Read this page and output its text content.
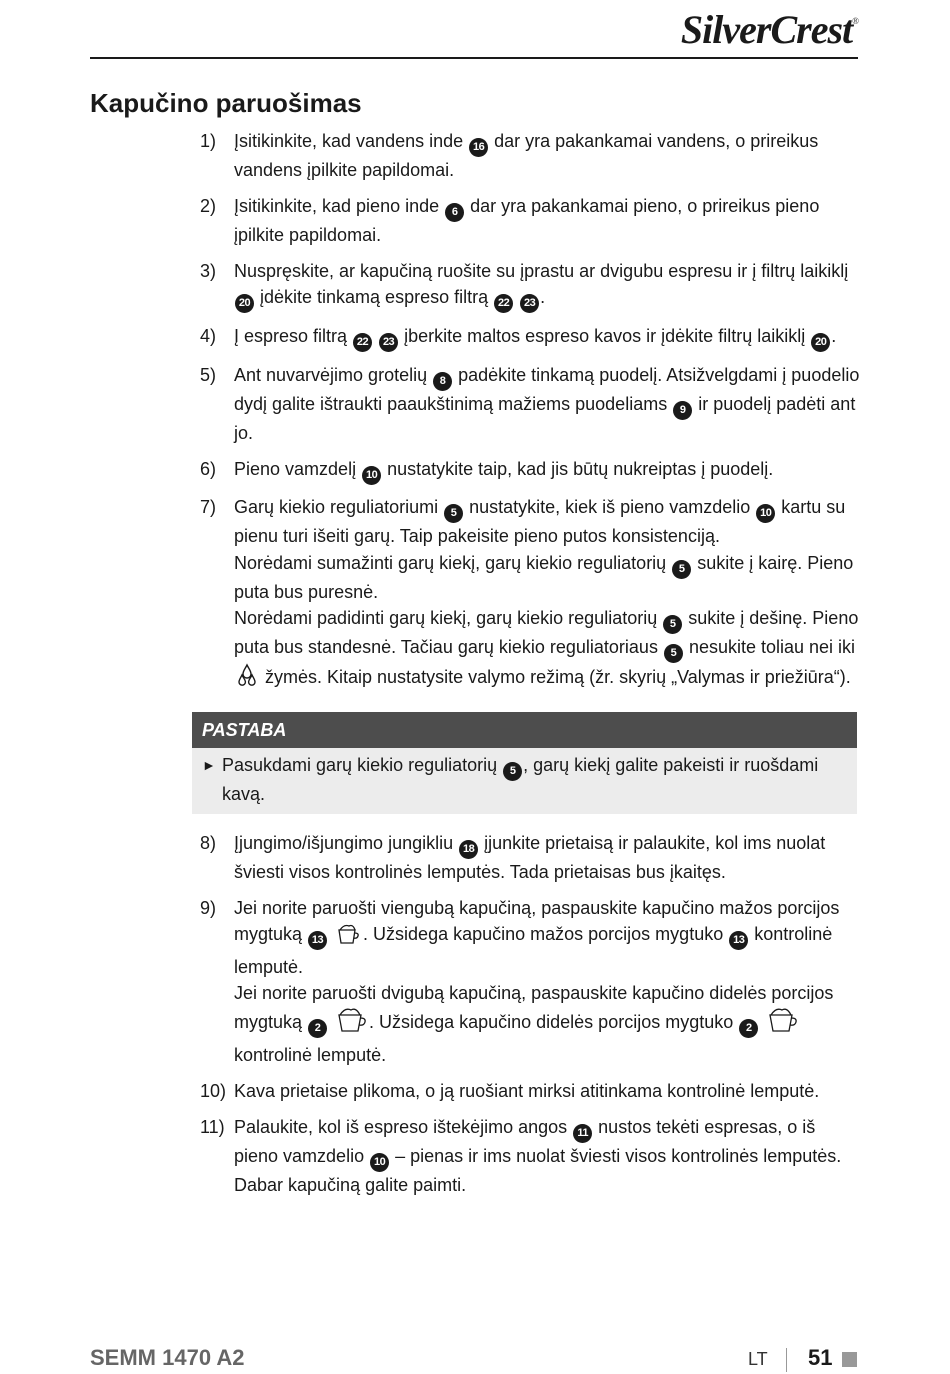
SilverCrest®
Kapučino paruošimas
1) Įsitikinkite, kad vandens inde 16 dar yra pakankamai vandens, o prireikus vandens įpilkite papildomai.
2) Įsitikinkite, kad pieno inde 6 dar yra pakankamai pieno, o prireikus pieno įpilkite papildomai.
3) Nuspręskite, ar kapučiną ruošite su įprastu ar dvigubu espresu ir į filtrų laikiklį 20 įdėkite tinkamą espreso filtrą 22 23 .
4) Į espreso filtrą 22 23 įberkite maltos espreso kavos ir įdėkite filtrų laikiklį 20 .
5) Ant nuvarvėjimo grotelių 8 padėkite tinkamą puodelį. Atsižvelgdami į puodelio dydį galite ištraukti paaukštinimą mažiems puodeliams 9 ir puodelį padėti ant jo.
6) Pieno vamzdelį 10 nustatykite taip, kad jis būtų nukreiptas į puodelį.
7) Garų kiekio reguliatoriumi 5 nustatykite, kiek iš pieno vamzdelio 10 kartu su pienu turi išeiti garų. Taip pakeisite pieno putos konsistenciją.
Norėdami sumažinti garų kiekį, garų kiekio reguliatorių 5 sukite į kairę. Pieno puta bus puresnė.
Norėdami padidinti garų kiekį, garų kiekio reguliatorių 5 sukite į dešinę. Pieno puta bus standesnė. Tačiau garų kiekio reguliatoriaus 5 nesukite toliau nei iki  žymės. Kitaip nustatysite valymo režimą (žr. skyrių „Valymas ir priežiūra“).
PASTABA
► Pasukdami garų kiekio reguliatorių 5 , garų kiekį galite pakeisti ir ruošdami kavą.
8) Įjungimo/išjungimo jungikliu 18 įjunkite prietaisą ir palaukite, kol ims nuolat šviesti visos kontrolinės lemputės. Tada prietaisas bus įkaitęs.
9) Jei norite paruošti viengubą kapučiną, paspauskite kapučino mažos porcijos mygtuką 13 . Užsidega kapučino mažos porcijos mygtuko 13 kontrolinė lemputė.
Jei norite paruošti dvigubą kapučiną, paspauskite kapučino didelės porcijos mygtuką 2	. Užsidega kapučino didelės porcijos mygtuko 2  kontrolinė lemputė.
10) Kava prietaise plikoma, o ją ruošiant mirksi atitinkama kontrolinė lemputė.
11) Palaukite, kol iš espreso ištekėjimo angos 11 nustos tekėti espresas, o iš pieno vamzdelio 10 – pienas ir ims nuolat šviesti visos kontrolinės lemputės. Dabar kapučiną galite paimti.
SEMM 1470 A2	LT 51
